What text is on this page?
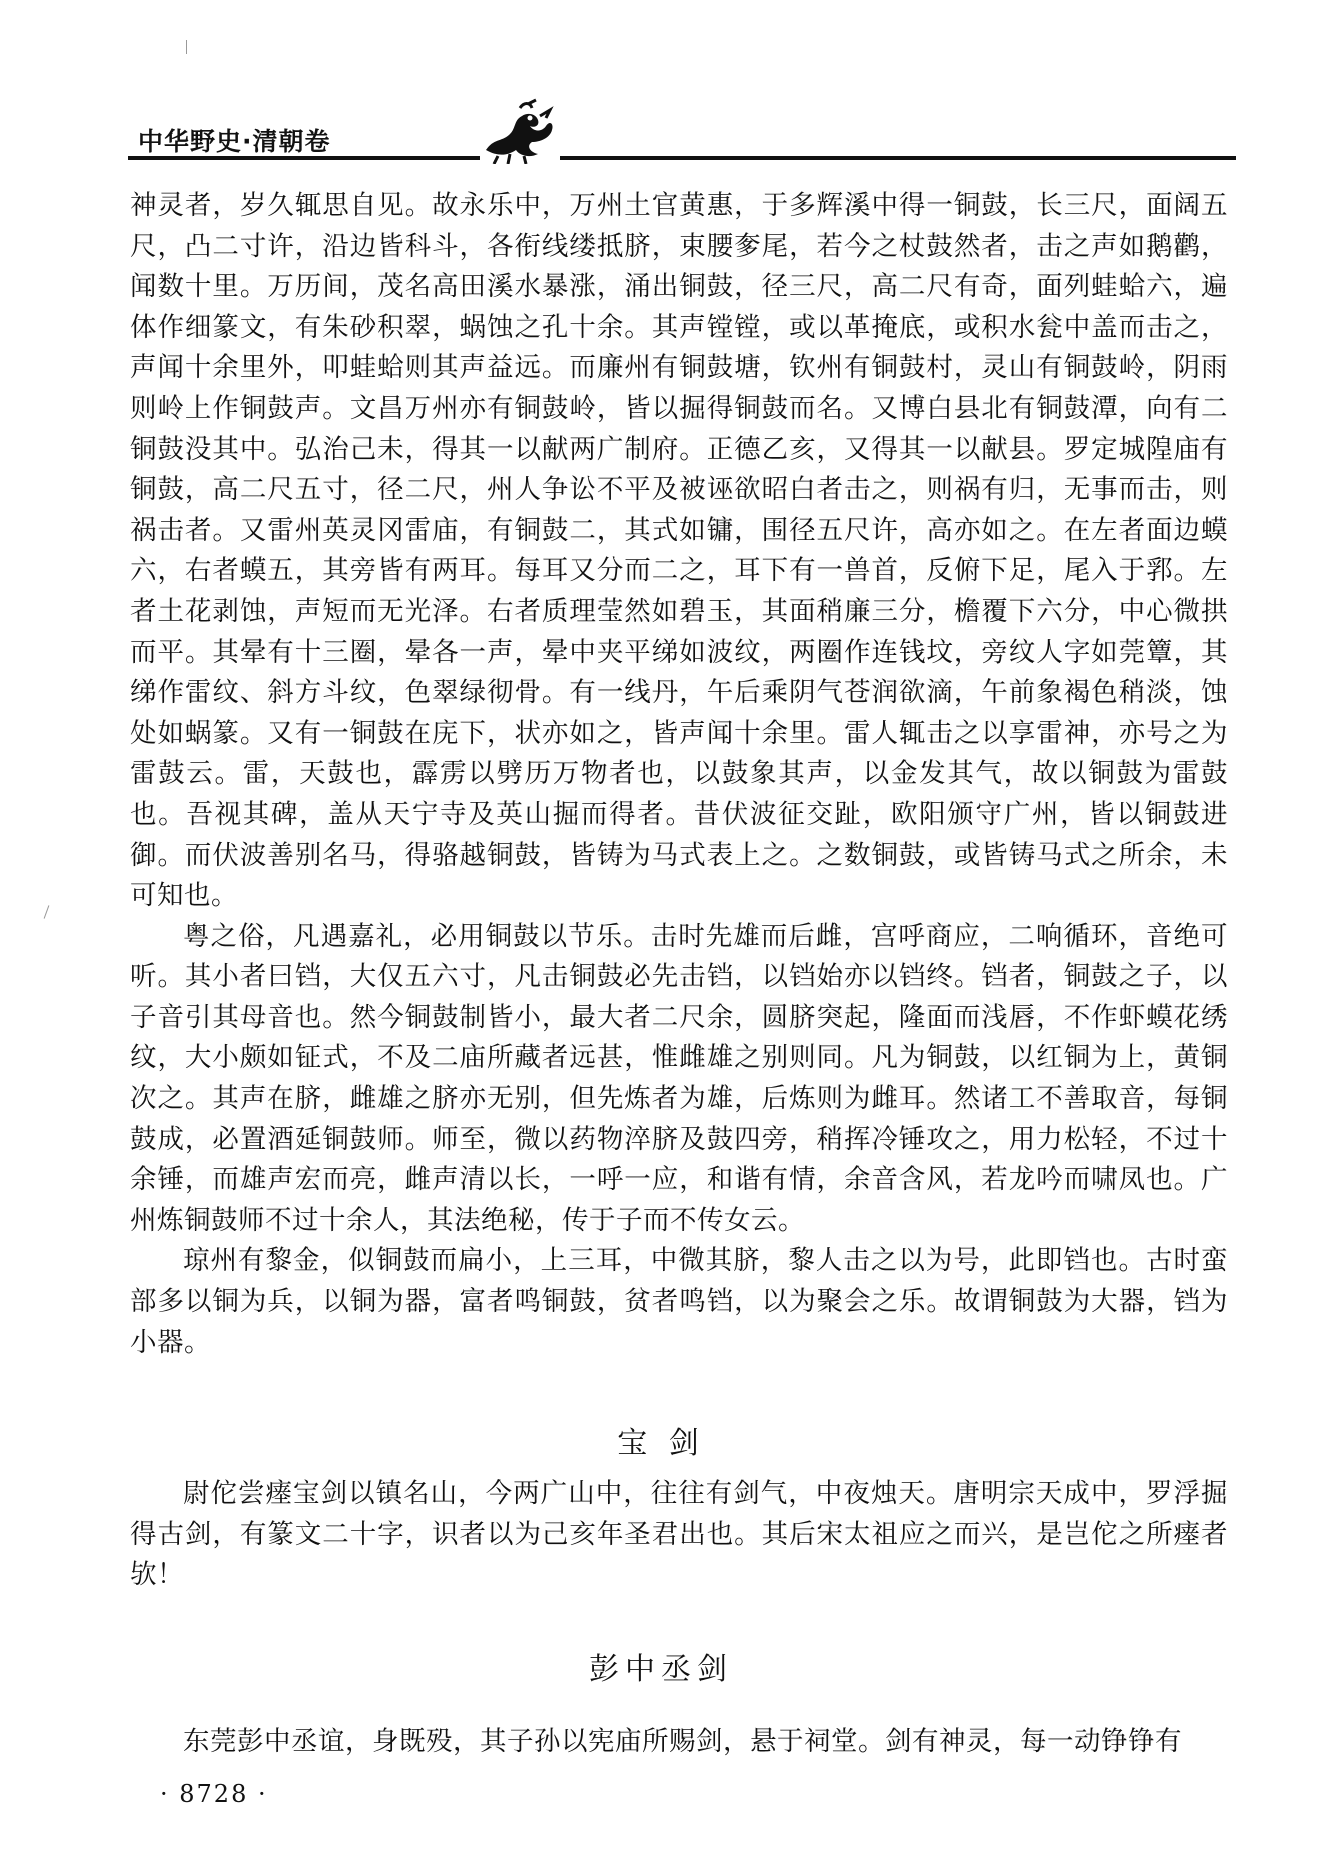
中华野史·清朝卷

神灵者，岁久辄思自见。故永乐中，万州土官黄惠，于多辉溪中得一铜鼓，长三尺，面阔五尺，凸二寸许，沿边皆科斗，各衔线缕抵脐，束腰奓尾，若今之杖鼓然者，击之声如鹅鹳，闻数十里。万历间，茂名高田溪水暴涨，涌出铜鼓，径三尺，高二尺有奇，面列蛙蛤六，遍体作细篆文，有朱砂积翠，蜗蚀之孔十余。其声镗镗，或以革掩底，或积水瓮中盖而击之，声闻十余里外，叩蛙蛤则其声益远。而廉州有铜鼓塘，钦州有铜鼓村，灵山有铜鼓岭，阴雨则岭上作铜鼓声。文昌万州亦有铜鼓岭，皆以掘得铜鼓而名。又博白县北有铜鼓潭，向有二铜鼓没其中。弘治己未，得其一以献两广制府。正德乙亥，又得其一以献县。罗定城隍庙有铜鼓，高二尺五寸，径二尺，州人争讼不平及被诬欲昭白者击之，则祸有归，无事而击，则祸击者。又雷州英灵冈雷庙，有铜鼓二，其式如镛，围径五尺许，高亦如之。在左者面边蟆六，右者蟆五，其旁皆有两耳。每耳又分而二之，耳下有一兽首，反俯下足，尾入于郛。左者土花剥蚀，声短而无光泽。右者质理莹然如碧玉，其面稍廉三分，檐覆下六分，中心微拱而平。其晕有十三圈，晕各一声，晕中夹平绨如波纹，两圈作连钱坟，旁纹人字如莞簟，其绨作雷纹、斜方斗纹，色翠绿彻骨。有一线丹，午后乘阴气苍润欲滴，午前象褐色稍淡，蚀处如蜗篆。又有一铜鼓在庑下，状亦如之，皆声闻十余里。雷人辄击之以享雷神，亦号之为雷鼓云。雷，天鼓也，霹雳以劈历万物者也，以鼓象其声，以金发其气，故以铜鼓为雷鼓也。吾视其碑，盖从天宁寺及英山掘而得者。昔伏波征交趾，欧阳颁守广州，皆以铜鼓进御。而伏波善别名马，得骆越铜鼓，皆铸为马式表上之。之数铜鼓，或皆铸马式之所余，未可知也。

粤之俗，凡遇嘉礼，必用铜鼓以节乐。击时先雄而后雌，宫呼商应，二响循环，音绝可听。其小者曰铛，大仅五六寸，凡击铜鼓必先击铛，以铛始亦以铛终。铛者，铜鼓之子，以子音引其母音也。然今铜鼓制皆小，最大者二尺余，圆脐突起，隆面而浅唇，不作虾蟆花绣纹，大小颇如钲式，不及二庙所藏者远甚，惟雌雄之别则同。凡为铜鼓，以红铜为上，黄铜次之。其声在脐，雌雄之脐亦无别，但先炼者为雄，后炼则为雌耳。然诸工不善取音，每铜鼓成，必置酒延铜鼓师。师至，微以药物淬脐及鼓四旁，稍挥冷锤攻之，用力松轻，不过十余锤，而雄声宏而亮，雌声清以长，一呼一应，和谐有情，余音含风，若龙吟而啸凤也。广州炼铜鼓师不过十余人，其法绝秘，传于子而不传女云。

琼州有黎金，似铜鼓而扁小，上三耳，中微其脐，黎人击之以为号，此即铛也。古时蛮部多以铜为兵，以铜为器，富者鸣铜鼓，贫者鸣铛，以为聚会之乐。故谓铜鼓为大器，铛为小器。

宝 剑

尉佗尝瘗宝剑以镇名山，今两广山中，往往有剑气，中夜烛天。唐明宗天成中，罗浮掘得古剑，有篆文二十字，识者以为己亥年圣君出也。其后宋太祖应之而兴，是岂佗之所瘗者欤！

彭中丞剑

东莞彭中丞谊，身既殁，其子孙以宪庙所赐剑，悬于祠堂。剑有神灵，每一动铮铮有

· 8728 ·
